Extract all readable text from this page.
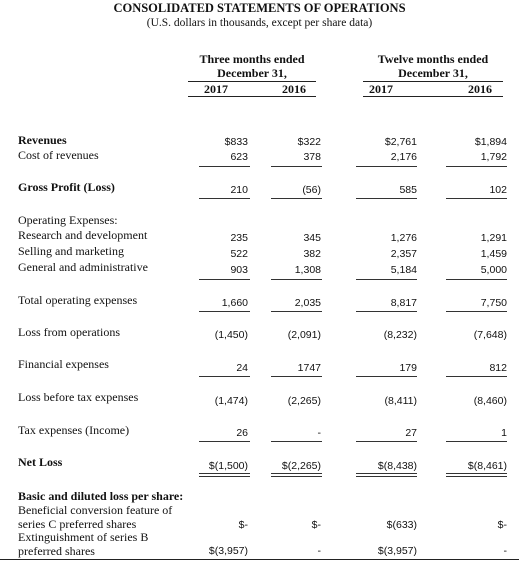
CONSOLIDATED STATEMENTS OF OPERATIONS
(U.S. dollars in thousands, except per share data)
Three months ended
December 31,
Twelve months ended
December 31,
2017	2016	2017	2016
Revenues	$833	$322	$2,761	$1,894
Cost of revenues	623	378	2,176	1,792
Gross Profit (Loss)	210	(56)	585	102
Operating Expenses:
Research and development	235	345	1,276	1,291
Selling and marketing	522	382	2,357	1,459
General and administrative	903	1,308	5,184	5,000
Total operating expenses	1,660	2,035	8,817	7,750
Loss from operations	(1,450)	(2,091)	(8,232)	(7,648)
Financial expenses	24	1747	179	812
Loss before tax expenses	(1,474)	(2,265)	(8,411)	(8,460)
Tax expenses (Income)	26	-	27	1
Net Loss	$(1,500)	$(2,265)	$(8,438)	$(8,461)
Basic and diluted loss per share:
Beneficial conversion feature of
series C preferred shares	$-	$-	$(633)	$-
Extinguishment of series B
preferred shares	$(3,957)	-	$(3,957)	-
